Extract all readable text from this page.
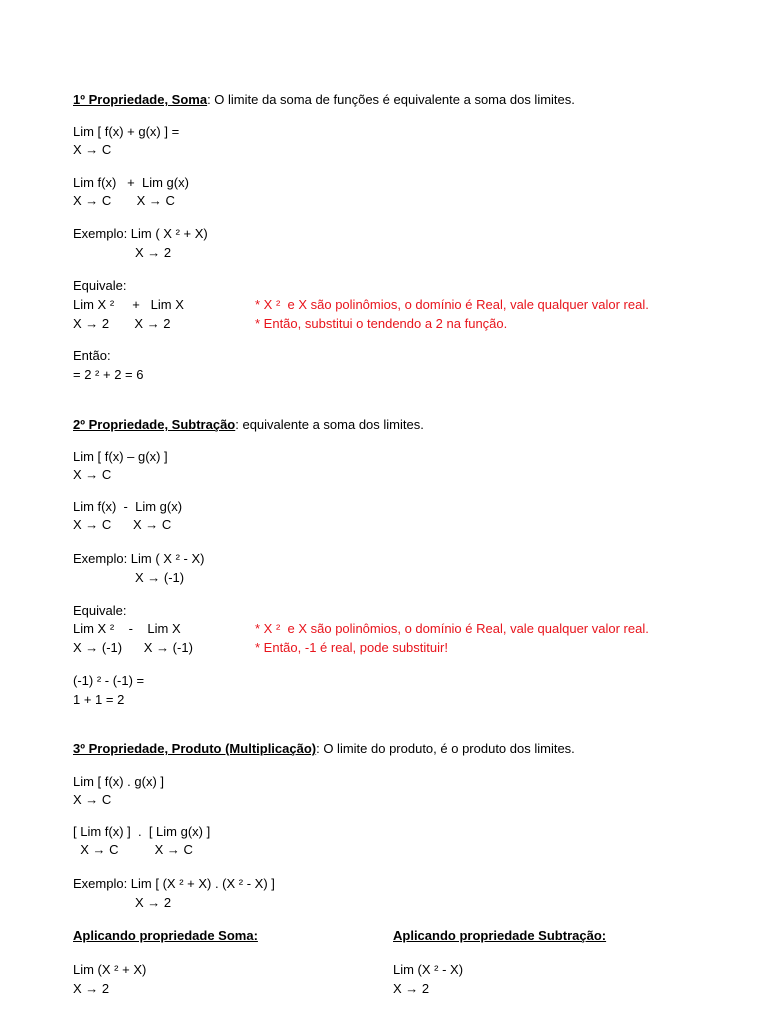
1º Propriedade, Soma: O limite da soma de funções é equivalente a soma dos limites.
Lim [ f(x) + g(x) ] =
X → C
Lim f(x)   +  Lim g(x)
X → C       X → C
Exemplo: Lim ( X ² + X)
X → 2
Equivale:
Lim X ²     +   Lim X	* X ²  e X são polinômios, o domínio é Real, vale qualquer valor real.
X → 2       X → 2	* Então, substitui o tendendo a 2 na função.
Então:
= 2 ² + 2 = 6
2º Propriedade, Subtração: equivalente a soma dos limites.
Lim [ f(x) – g(x) ]
X → C
Lim f(x)  -  Lim g(x)
X → C      X → C
Exemplo: Lim ( X ² - X)
X → (-1)
Equivale:
Lim X ²    -    Lim X	* X ²  e X são polinômios, o domínio é Real, vale qualquer valor real.
X → (-1)      X → (-1)	* Então, -1 é real, pode substituir!
(-1) ² - (-1) =
1 + 1 = 2
3º Propriedade, Produto (Multiplicação): O limite do produto, é o produto dos limites.
Lim [ f(x) . g(x) ]
X → C
[ Lim f(x) ]  .  [ Lim g(x) ]
X → C          X → C
Exemplo: Lim [ (X ² + X) . (X ² - X) ]
X → 2
Aplicando propriedade Soma:	Aplicando propriedade Subtração:
Lim (X ² + X)	Lim (X ² - X)
X → 2	X → 2
